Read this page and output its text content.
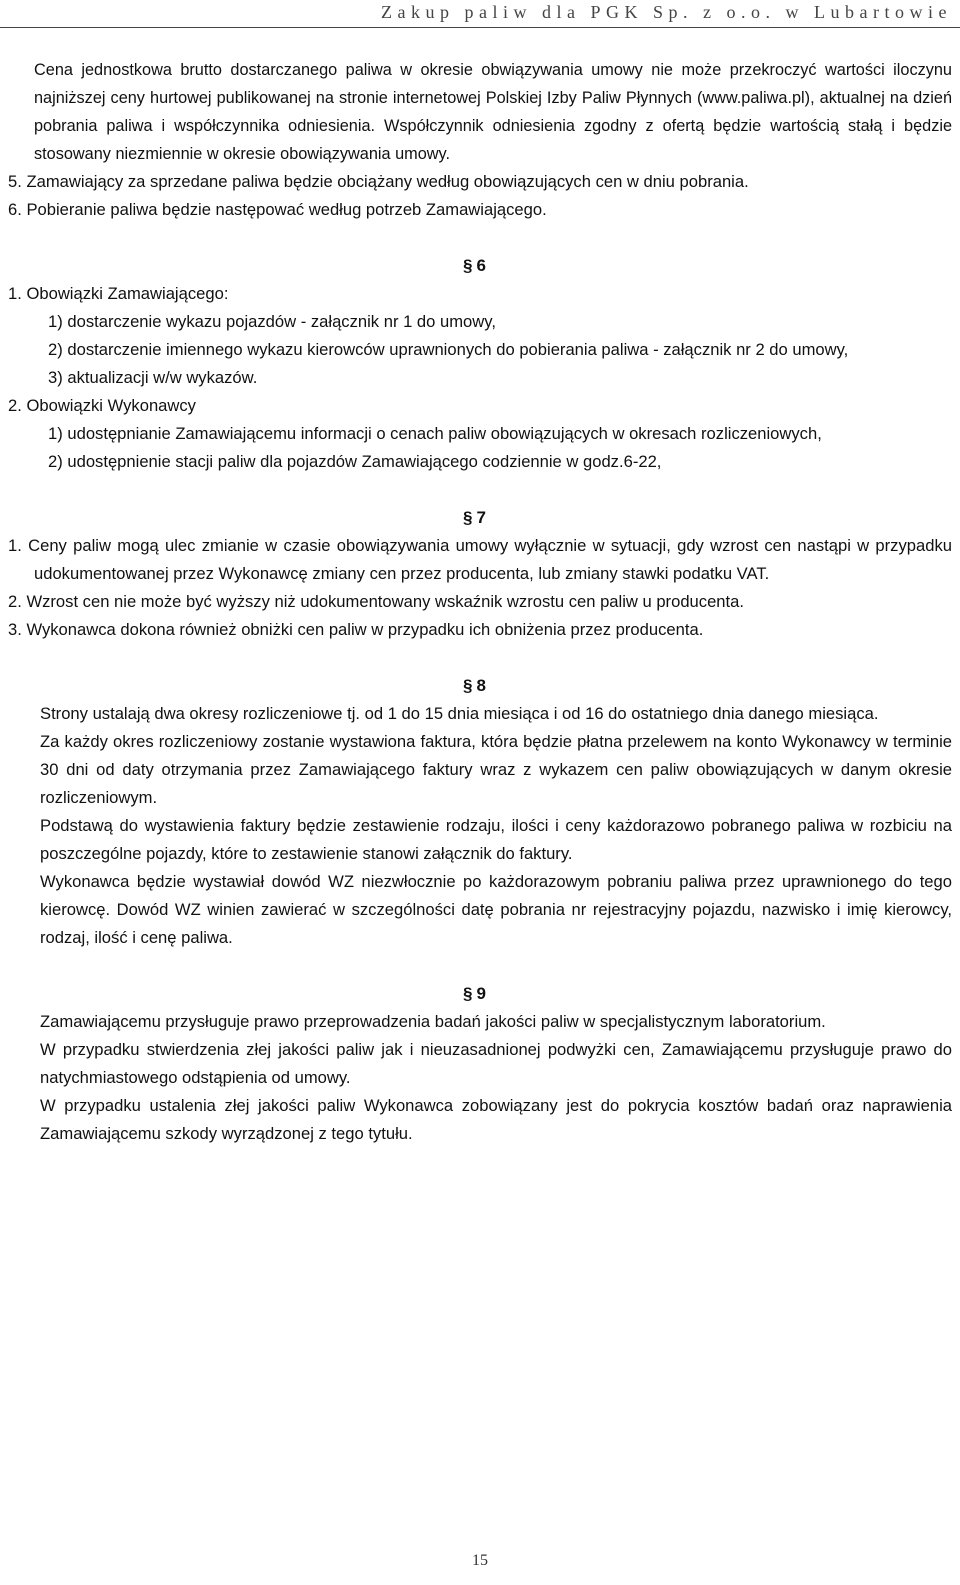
Zakup paliw dla PGK Sp. z o.o. w Lubartowie

Cena jednostkowa brutto dostarczanego paliwa w okresie obwiązywania umowy nie może przekroczyć wartości iloczynu najniższej ceny hurtowej publikowanej na stronie internetowej Polskiej Izby Paliw Płynnych (www.paliwa.pl), aktualnej na dzień pobrania paliwa i współczynnika odniesienia. Współczynnik odniesienia zgodny z ofertą będzie wartością stałą i będzie stosowany niezmiennie w okresie obowiązywania umowy.

5. Zamawiający za sprzedane paliwa będzie obciążany według obowiązujących cen w dniu pobrania.

6. Pobieranie paliwa będzie następować według potrzeb Zamawiającego.

§ 6

1. Obowiązki Zamawiającego:

1) dostarczenie wykazu pojazdów - załącznik nr 1 do umowy,

2) dostarczenie imiennego wykazu kierowców uprawnionych do pobierania paliwa - załącznik nr 2 do umowy,

3) aktualizacji w/w wykazów.

2. Obowiązki Wykonawcy

1) udostępnianie Zamawiającemu informacji o cenach paliw obowiązujących w okresach rozliczeniowych,

2) udostępnienie stacji paliw dla pojazdów Zamawiającego codziennie w godz.6-22,

§ 7

1. Ceny paliw mogą ulec zmianie w czasie obowiązywania umowy wyłącznie w sytuacji, gdy wzrost cen nastąpi w przypadku udokumentowanej przez Wykonawcę zmiany cen przez producenta, lub zmiany stawki podatku VAT.

2. Wzrost cen nie może być wyższy niż udokumentowany wskaźnik wzrostu cen paliw u producenta.

3. Wykonawca dokona również obniżki cen paliw w przypadku ich obniżenia przez producenta.

§ 8

Strony ustalają dwa okresy rozliczeniowe tj. od 1 do 15 dnia miesiąca i od 16 do ostatniego dnia danego miesiąca.
Za każdy okres rozliczeniowy zostanie wystawiona faktura, która będzie płatna przelewem na konto Wykonawcy w terminie 30 dni od daty otrzymania przez Zamawiającego faktury wraz z wykazem cen paliw obowiązujących w danym okresie rozliczeniowym.
Podstawą do wystawienia faktury będzie zestawienie rodzaju, ilości i ceny każdorazowo pobranego paliwa w rozbiciu na poszczególne pojazdy, które to zestawienie stanowi załącznik do faktury.
Wykonawca będzie wystawiał dowód WZ niezwłocznie po każdorazowym pobraniu paliwa przez uprawnionego do tego kierowcę. Dowód WZ winien zawierać w szczególności datę pobrania nr rejestracyjny pojazdu, nazwisko i imię kierowcy, rodzaj, ilość i cenę paliwa.

§ 9

Zamawiającemu przysługuje prawo przeprowadzenia badań jakości paliw w specjalistycznym laboratorium.
W przypadku stwierdzenia złej jakości paliw jak i nieuzasadnionej podwyżki cen, Zamawiającemu przysługuje prawo do natychmiastowego odstąpienia od umowy.
W przypadku ustalenia złej jakości paliw Wykonawca zobowiązany jest do pokrycia kosztów badań oraz naprawienia Zamawiającemu szkody wyrządzonej z tego tytułu.
15
